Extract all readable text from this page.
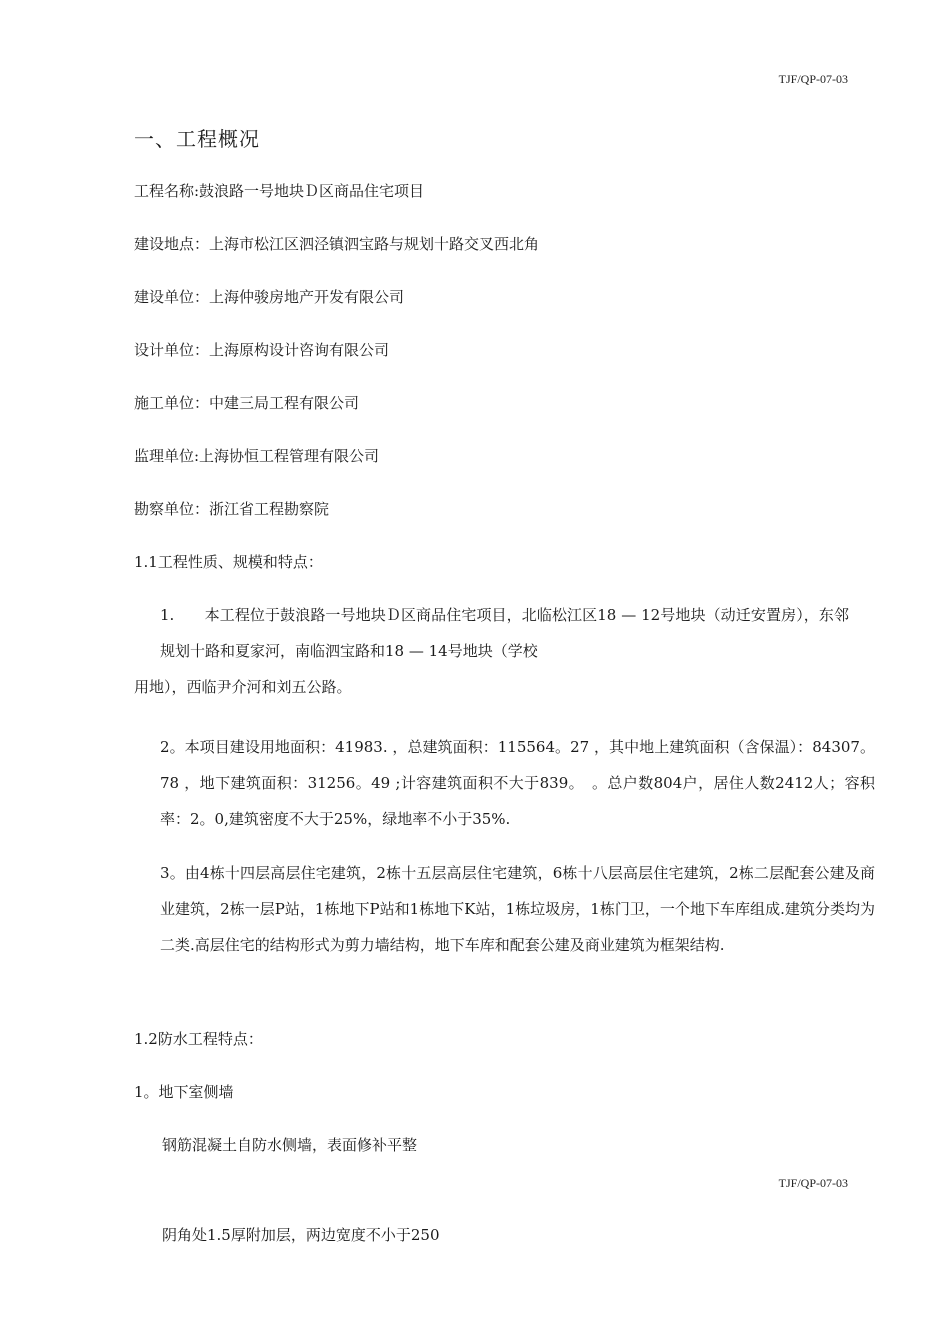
TJF/QP-07-03
一、工程概况
工程名称:鼓浪路一号地块Ｄ区商品住宅项目
建设地点：上海市松江区泗泾镇泗宝路与规划十路交叉西北角
建设单位：上海仲骏房地产开发有限公司
设计单位：上海原构设计咨询有限公司
施工单位：中建三局工程有限公司
监理单位:上海协恒工程管理有限公司
勘察单位：浙江省工程勘察院
1.1工程性质、规模和特点：
1.　　本工程位于鼓浪路一号地块Ｄ区商品住宅项目，北临松江区18 — 12号地块（动迁安置房），东邻规划十路和夏家河，南临泗宝路和18 — 14号地块（学校
用地），西临尹介河和刘五公路。
2。本项目建设用地面积：41983. ，总建筑面积：115564。27 ，其中地上建筑面积（含保温）：84307。78 ，地下建筑面积：31256。49 ;计容建筑面积不大于839。　。总户数804户，居住人数2412人；容积率：2。0,建筑密度不大于25%，绿地率不小于35%.
3。由4栋十四层高层住宅建筑，2栋十五层高层住宅建筑，6栋十八层高层住宅建筑，2栋二层配套公建及商业建筑，2栋一层P站，1栋地下P站和1栋地下K站，1栋垃圾房，1栋门卫，一个地下车库组成.建筑分类均为二类.高层住宅的结构形式为剪力墙结构，地下车库和配套公建及商业建筑为框架结构.
1.2防水工程特点：
1。地下室侧墙
钢筋混凝土自防水侧墙，表面修补平整
TJF/QP-07-03
阴角处1.5厚附加层，两边宽度不小于250
